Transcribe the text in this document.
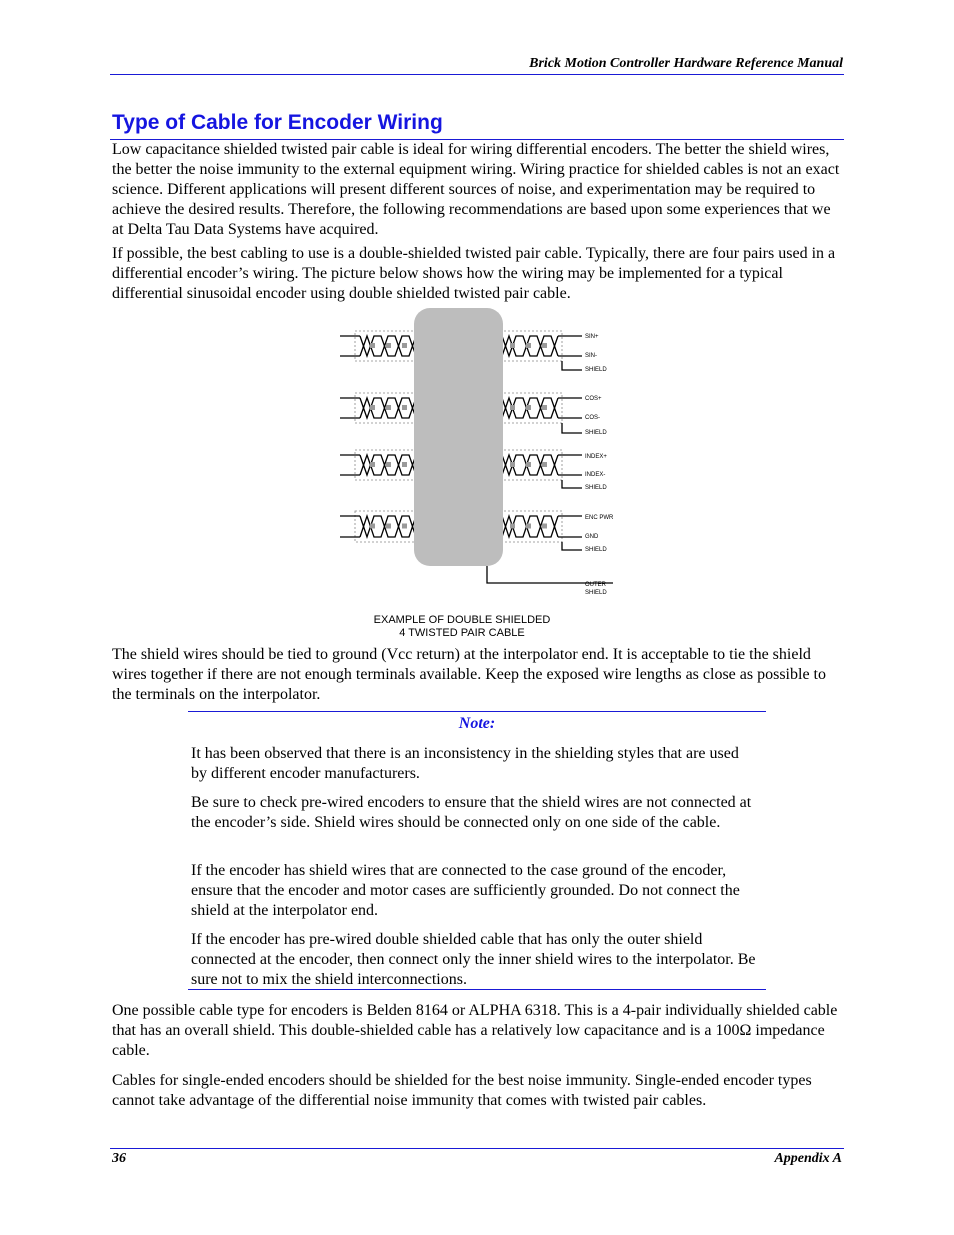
Brick Motion Controller Hardware Reference Manual
Type of Cable for Encoder Wiring

Low capacitance shielded twisted pair cable is ideal for wiring differential encoders. The better the shield wires, the better the noise immunity to the external equipment wiring. Wiring practice for shielded cables is not an exact science. Different applications will present different sources of noise, and experimentation may be required to achieve the desired results. Therefore, the following recommendations are based upon some experiences that we at Delta Tau Data Systems have acquired.

If possible, the best cabling to use is a double-shielded twisted pair cable. Typically, there are four pairs used in a differential encoder’s wiring. The picture below shows how the wiring may be implemented for a typical differential sinusoidal encoder using double shielded twisted pair cable.

SIN+
SIN-
SHIELD
COS+
COS-
SHIELD
INDEX+
INDEX-
SHIELD
ENC PWR
GND
SHIELD
OUTER
SHIELD
EXAMPLE OF DOUBLE SHIELDED
4 TWISTED PAIR CABLE

The shield wires should be tied to ground (Vcc return) at the interpolator end. It is acceptable to tie the shield wires together if there are not enough terminals available. Keep the exposed wire lengths as close as possible to the terminals on the interpolator.

Note:

It has been observed that there is an inconsistency in the shielding styles that are used by different encoder manufacturers.

Be sure to check pre-wired encoders to ensure that the shield wires are not connected at the encoder’s side. Shield wires should be connected only on one side of the cable.

If the encoder has shield wires that are connected to the case ground of the encoder, ensure that the encoder and motor cases are sufficiently grounded. Do not connect the shield at the interpolator end.

If the encoder has pre-wired double shielded cable that has only the outer shield connected at the encoder, then connect only the inner shield wires to the interpolator. Be sure not to mix the shield interconnections.

One possible cable type for encoders is Belden 8164 or ALPHA 6318. This is a 4-pair individually shielded cable that has an overall shield. This double-shielded cable has a relatively low capacitance and is a 100Ω impedance cable.

Cables for single-ended encoders should be shielded for the best noise immunity. Single-ended encoder types cannot take advantage of the differential noise immunity that comes with twisted pair cables.

36	Appendix A
